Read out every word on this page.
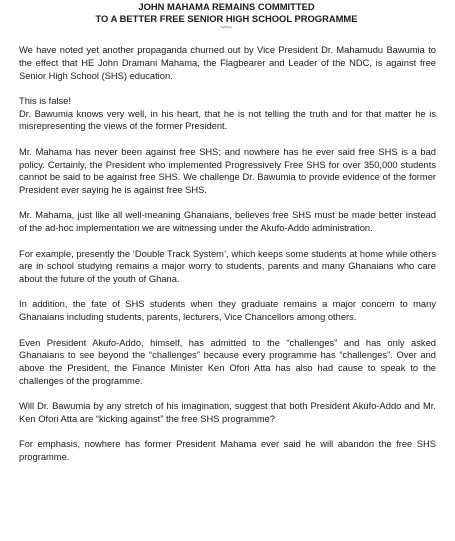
JOHN MAHAMA REMAINS COMMITTED
TO A BETTER FREE SENIOR HIGH SCHOOL PROGRAMME
~~~

We have noted yet another propaganda churned out by Vice President Dr. Mahamudu Bawumia to the effect that HE John Dramani Mahama, the Flagbearer and Leader of the NDC, is against free Senior High School (SHS) education.

This is false!
Dr. Bawumia knows very well, in his heart, that he is not telling the truth and for that matter he is misrepresenting the views of the former President.

Mr. Mahama has never been against free SHS; and nowhere has he ever said free SHS is a bad policy. Certainly, the President who implemented Progressively Free SHS for over 350,000 students cannot be said to be against free SHS. We challenge Dr. Bawumia to provide evidence of the former President ever saying he is against free SHS.

Mr. Mahama, just like all well-meaning Ghanaians, believes free SHS must be made better instead of the ad-hoc implementation we are witnessing under the Akufo-Addo administration.

For example, presently the ‘Double Track System’, which keeps some students at home while others are in school studying remains a major worry to students, parents and many Ghanaians who care about the future of the youth of Ghana.

In addition, the fate of SHS students when they graduate remains a major concern to many Ghanaians including students, parents, lecturers, Vice Chancellors among others.

Even President Akufo-Addo, himself, has admitted to the “challenges” and has only asked Ghanaians to see beyond the “challenges” because every programme has “challenges”. Over and above the President, the Finance Minister Ken Ofori Atta has also had cause to speak to the challenges of the programme.

Will Dr. Bawumia by any stretch of his imagination, suggest that both President Akufo-Addo and Mr. Ken Ofori Atta are “kicking against” the free SHS programme?

For emphasis, nowhere has former President Mahama ever said he will abandon the free SHS programme.
